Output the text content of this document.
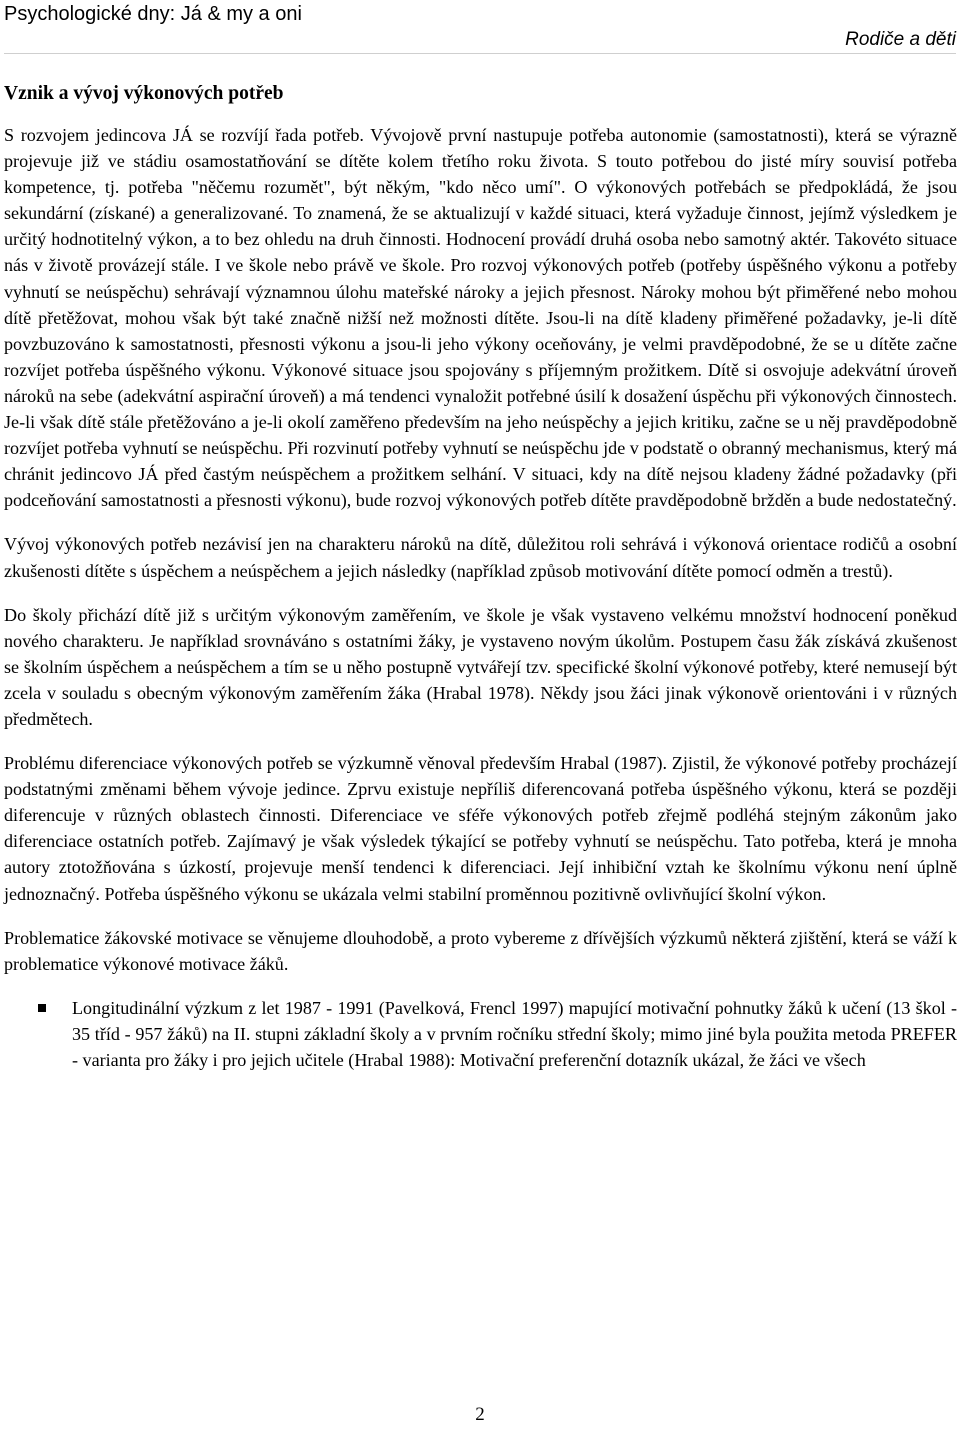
Psychologické dny: Já & my a oni
Rodiče a děti
Vznik a vývoj výkonových potřeb

S rozvojem jedincova JÁ se rozvíjí řada potřeb. Vývojově první nastupuje potřeba autonomie (samostatnosti), která se výrazně projevuje již ve stádiu osamostatňování se dítěte kolem třetího roku života. S touto potřebou do jisté míry souvisí potřeba kompetence, tj. potřeba "něčemu rozumět", být někým, "kdo něco umí". O výkonových potřebách se předpokládá, že jsou sekundární (získané) a generalizované. To znamená, že se aktualizují v každé situaci, která vyžaduje činnost, jejímž výsledkem je určitý hodnotitelný výkon, a to bez ohledu na druh činnosti. Hodnocení provádí druhá osoba nebo samotný aktér. Takovéto situace nás v životě provázejí stále. I ve škole nebo právě ve škole. Pro rozvoj výkonových potřeb (potřeby úspěšného výkonu a potřeby vyhnutí se neúspěchu) sehrávají významnou úlohu mateřské nároky a jejich přesnost. Nároky mohou být přiměřené nebo mohou dítě přetěžovat, mohou však být také značně nižší než možnosti dítěte. Jsou-li na dítě kladeny přiměřené požadavky, je-li dítě povzbuzováno k samostatnosti, přesnosti výkonu a jsou-li jeho výkony oceňovány, je velmi pravděpodobné, že se u dítěte začne rozvíjet potřeba úspěšného výkonu. Výkonové situace jsou spojovány s příjemným prožitkem. Dítě si osvojuje adekvátní úroveň nároků na sebe (adekvátní aspirační úroveň) a má tendenci vynaložit potřebné úsilí k dosažení úspěchu při výkonových činnostech. Je-li však dítě stále přetěžováno a je-li okolí zaměřeno především na jeho neúspěchy a jejich kritiku, začne se u něj pravděpodobně rozvíjet potřeba vyhnutí se neúspěchu. Při rozvinutí potřeby vyhnutí se neúspěchu jde v podstatě o obranný mechanismus, který má chránit jedincovo JÁ před častým neúspěchem a prožitkem selhání. V situaci, kdy na dítě nejsou kladeny žádné požadavky (při podceňování samostatnosti a přesnosti výkonu), bude rozvoj výkonových potřeb dítěte pravděpodobně bržděn a bude nedostatečný.

Vývoj výkonových potřeb nezávisí jen na charakteru nároků na dítě, důležitou roli sehrává i výkonová orientace rodičů a osobní zkušenosti dítěte s úspěchem a neúspěchem a jejich následky (například způsob motivování dítěte pomocí odměn a trestů).

Do školy přichází dítě již s určitým výkonovým zaměřením, ve škole je však vystaveno velkému množství hodnocení poněkud nového charakteru. Je například srovnáváno s ostatními žáky, je vystaveno novým úkolům. Postupem času žák získává zkušenost se školním úspěchem a neúspěchem a tím se u něho postupně vytvářejí tzv. specifické školní výkonové potřeby, které nemusejí být zcela v souladu s obecným výkonovým zaměřením žáka (Hrabal 1978). Někdy jsou žáci jinak výkonově orientováni i v různých předmětech.

Problému diferenciace výkonových potřeb se výzkumně věnoval především Hrabal (1987). Zjistil, že výkonové potřeby procházejí podstatnými změnami během vývoje jedince. Zprvu existuje nepříliš diferencovaná potřeba úspěšného výkonu, která se později diferencuje v různých oblastech činnosti. Diferenciace ve sféře výkonových potřeb zřejmě podléhá stejným zákonům jako diferenciace ostatních potřeb. Zajímavý je však výsledek týkající se potřeby vyhnutí se neúspěchu. Tato potřeba, která je mnoha autory ztotožňována s úzkostí, projevuje menší tendenci k diferenciaci. Její inhibiční vztah ke školnímu výkonu není úplně jednoznačný. Potřeba úspěšného výkonu se ukázala velmi stabilní proměnnou pozitivně ovlivňující školní výkon.

Problematice žákovské motivace se věnujeme dlouhodobě, a proto vybereme z dřívějších výzkumů některá zjištění, která se váží k problematice výkonové motivace žáků.

Longitudinální výzkum z let 1987 - 1991 (Pavelková, Frencl 1997) mapující motivační pohnutky žáků k učení (13 škol - 35 tříd - 957 žáků) na II. stupni základní školy a v prvním ročníku střední školy; mimo jiné byla použita metoda PREFER - varianta pro žáky i pro jejich učitele (Hrabal 1988): Motivační preferenční dotazník ukázal, že žáci ve všech
2
